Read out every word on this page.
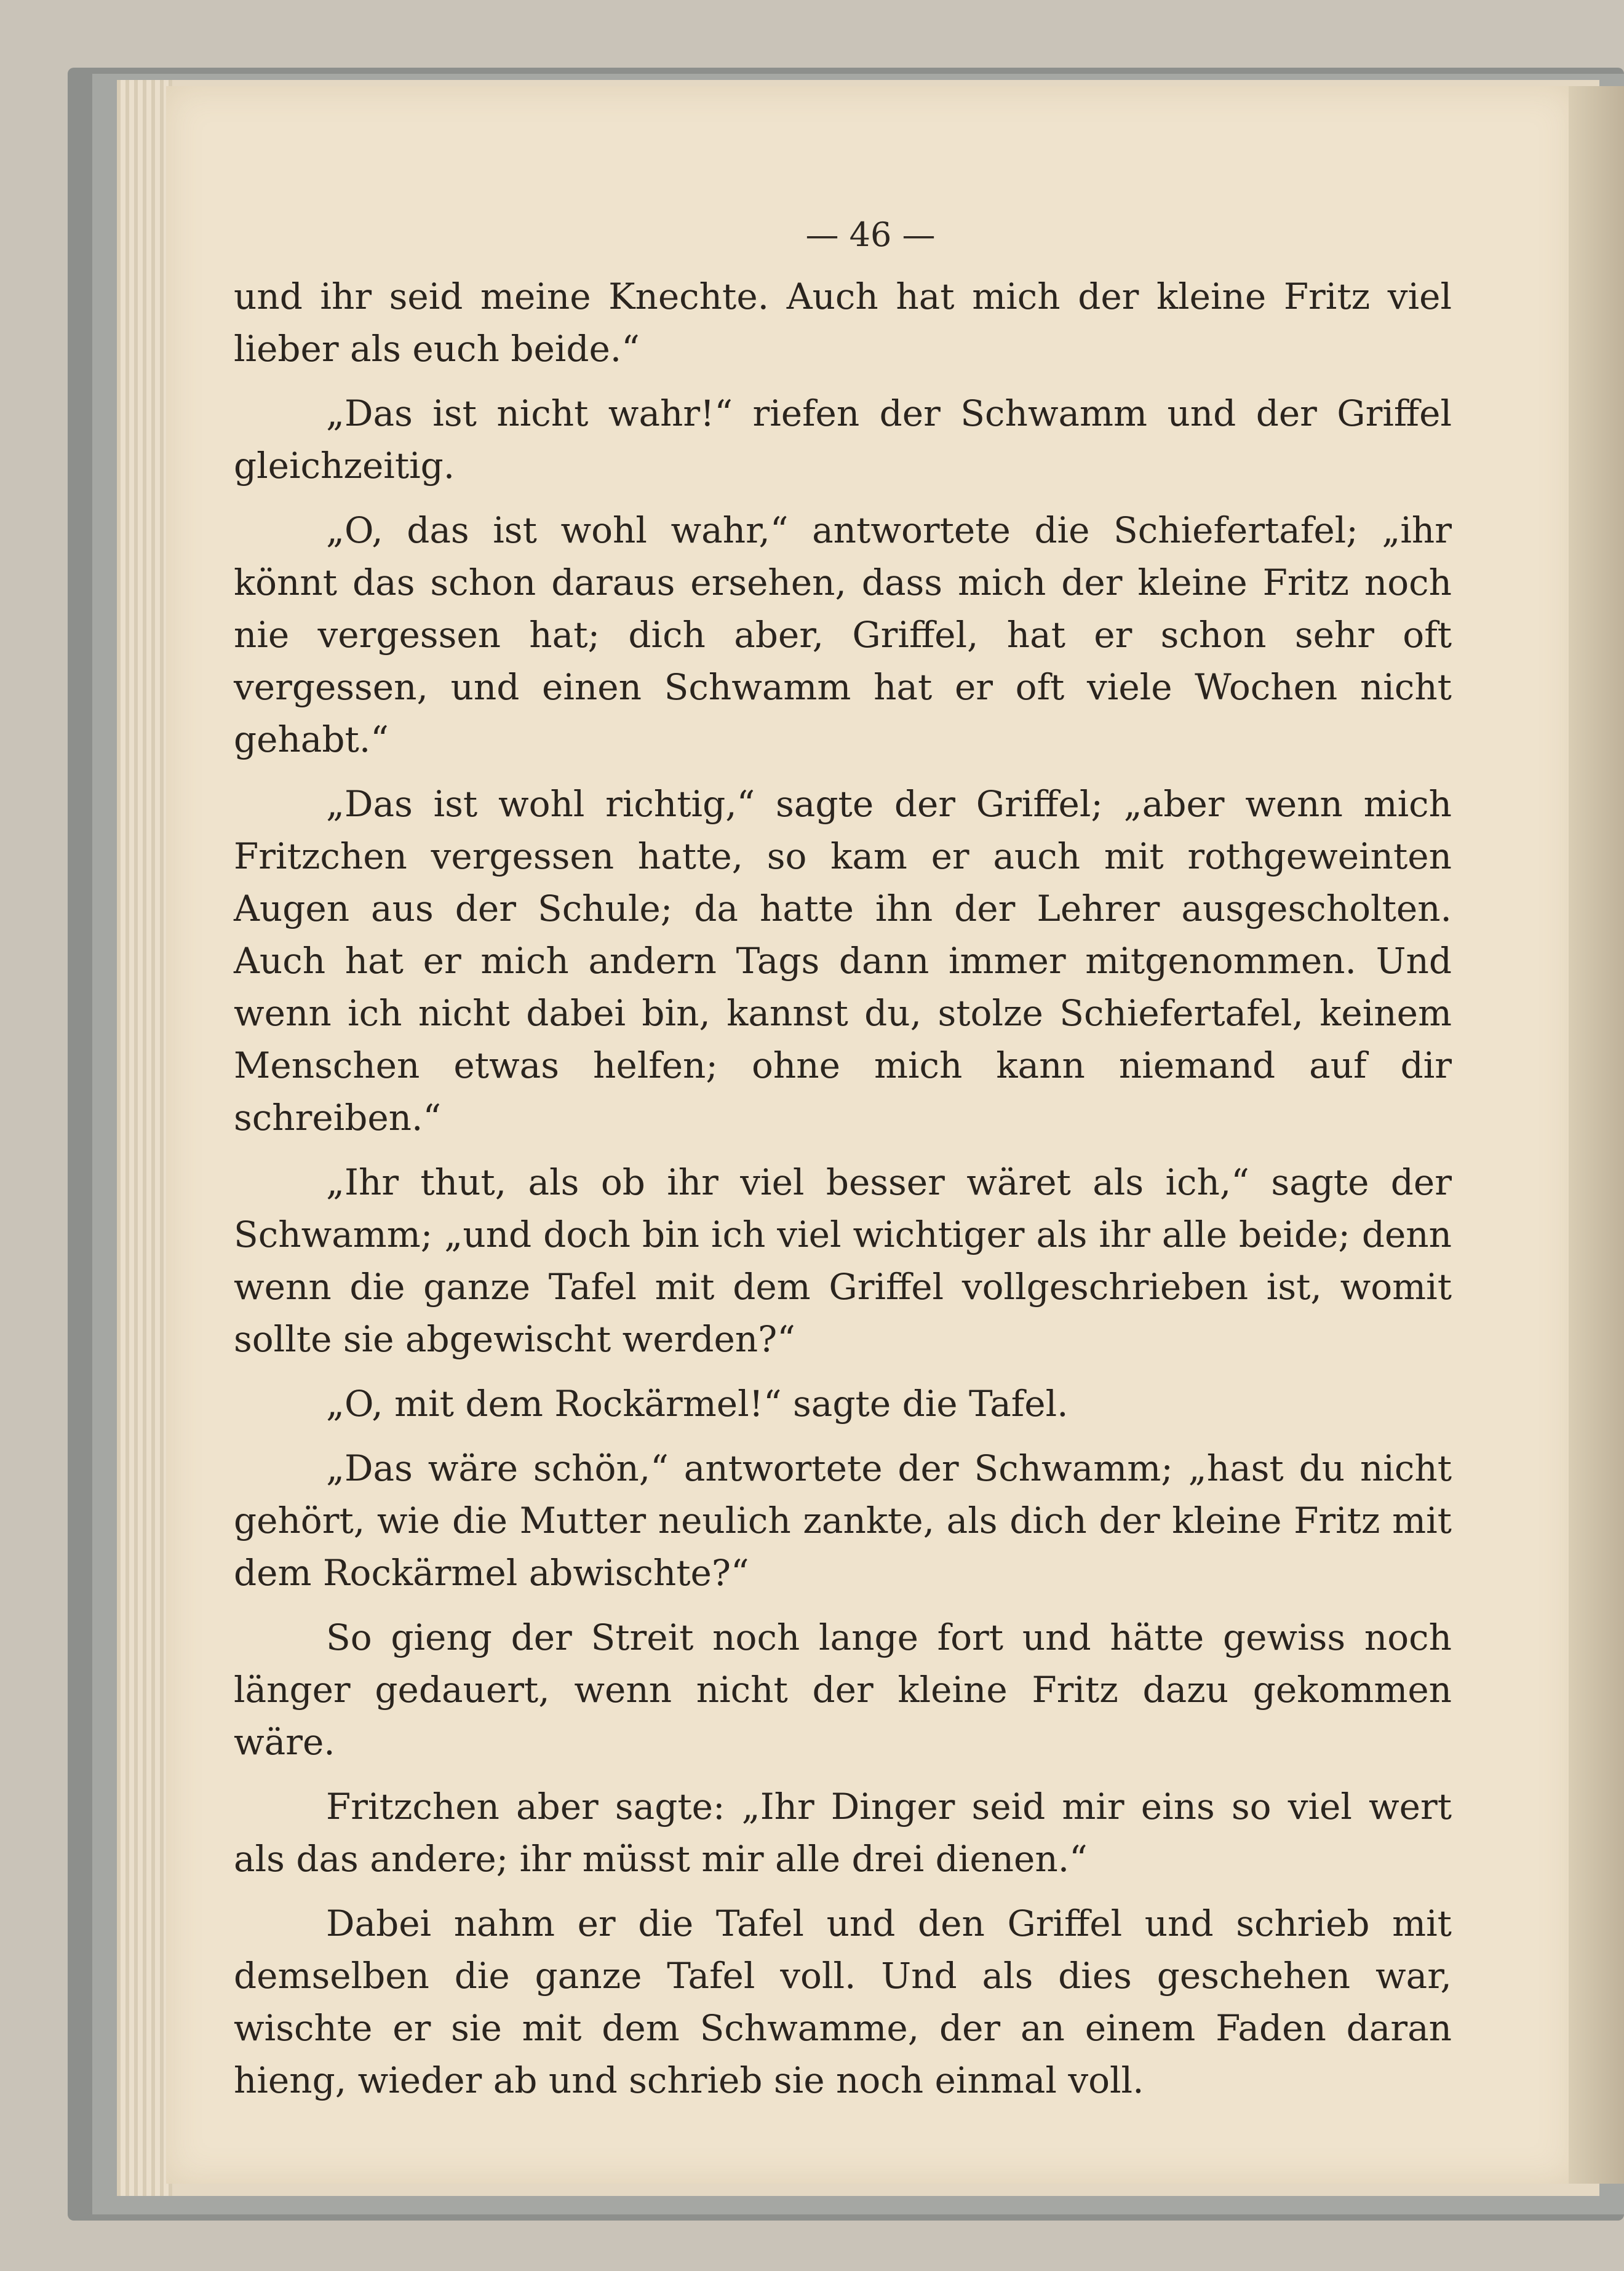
— 46 —

und ihr seid meine Knechte. Auch hat mich der kleine Fritz viel lieber als euch beide.“

„Das ist nicht wahr!“ riefen der Schwamm und der Griffel gleichzeitig.

„O, das ist wohl wahr,“ antwortete die Schiefertafel; „ihr könnt das schon daraus ersehen, dass mich der kleine Fritz noch nie vergessen hat; dich aber, Griffel, hat er schon sehr oft vergessen, und einen Schwamm hat er oft viele Wochen nicht gehabt.“

„Das ist wohl richtig,“ sagte der Griffel; „aber wenn mich Fritzchen vergessen hatte, so kam er auch mit rothgeweinten Augen aus der Schule; da hatte ihn der Lehrer ausgescholten. Auch hat er mich andern Tags dann immer mitgenommen. Und wenn ich nicht dabei bin, kannst du, stolze Schiefertafel, keinem Menschen etwas helfen; ohne mich kann niemand auf dir schreiben.“

„Ihr thut, als ob ihr viel besser wäret als ich,“ sagte der Schwamm; „und doch bin ich viel wichtiger als ihr alle beide; denn wenn die ganze Tafel mit dem Griffel vollgeschrieben ist, womit sollte sie abgewischt werden?“

„O, mit dem Rockärmel!“ sagte die Tafel.

„Das wäre schön,“ antwortete der Schwamm; „hast du nicht gehört, wie die Mutter neulich zankte, als dich der kleine Fritz mit dem Rockärmel abwischte?“

So gieng der Streit noch lange fort und hätte gewiss noch länger gedauert, wenn nicht der kleine Fritz dazu gekommen wäre.

Fritzchen aber sagte: „Ihr Dinger seid mir eins so viel wert als das andere; ihr müsst mir alle drei dienen.“

Dabei nahm er die Tafel und den Griffel und schrieb mit demselben die ganze Tafel voll. Und als dies geschehen war, wischte er sie mit dem Schwamme, der an einem Faden daran hieng, wieder ab und schrieb sie noch einmal voll.
